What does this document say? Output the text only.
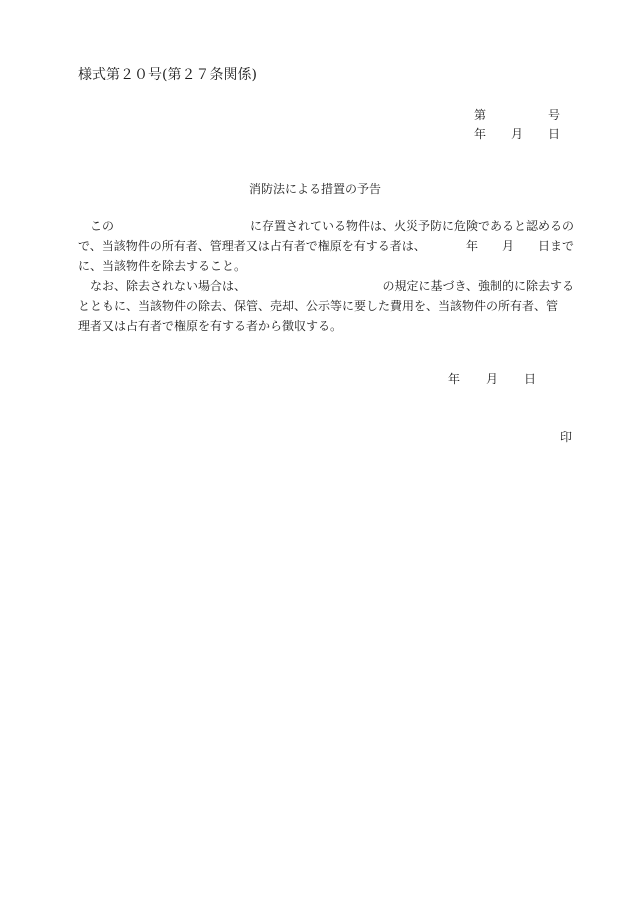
様式第２０号(第２７条関係)
第	号
年 月 日
消防法による措置の予告
この	に存置されている物件は、火災予防に危険であると認めるの
で、当該物件の所有者、管理者又は占有者で権原を有する者は、	年 月 日まで
に、当該物件を除去すること。
なお、除去されない場合は、	の規定に基づき、強制的に除去する
とともに、当該物件の除去、保管、売却、公示等に要した費用を、当該物件の所有者、管
理者又は占有者で権原を有する者から徴収する。
年 月 日
印
